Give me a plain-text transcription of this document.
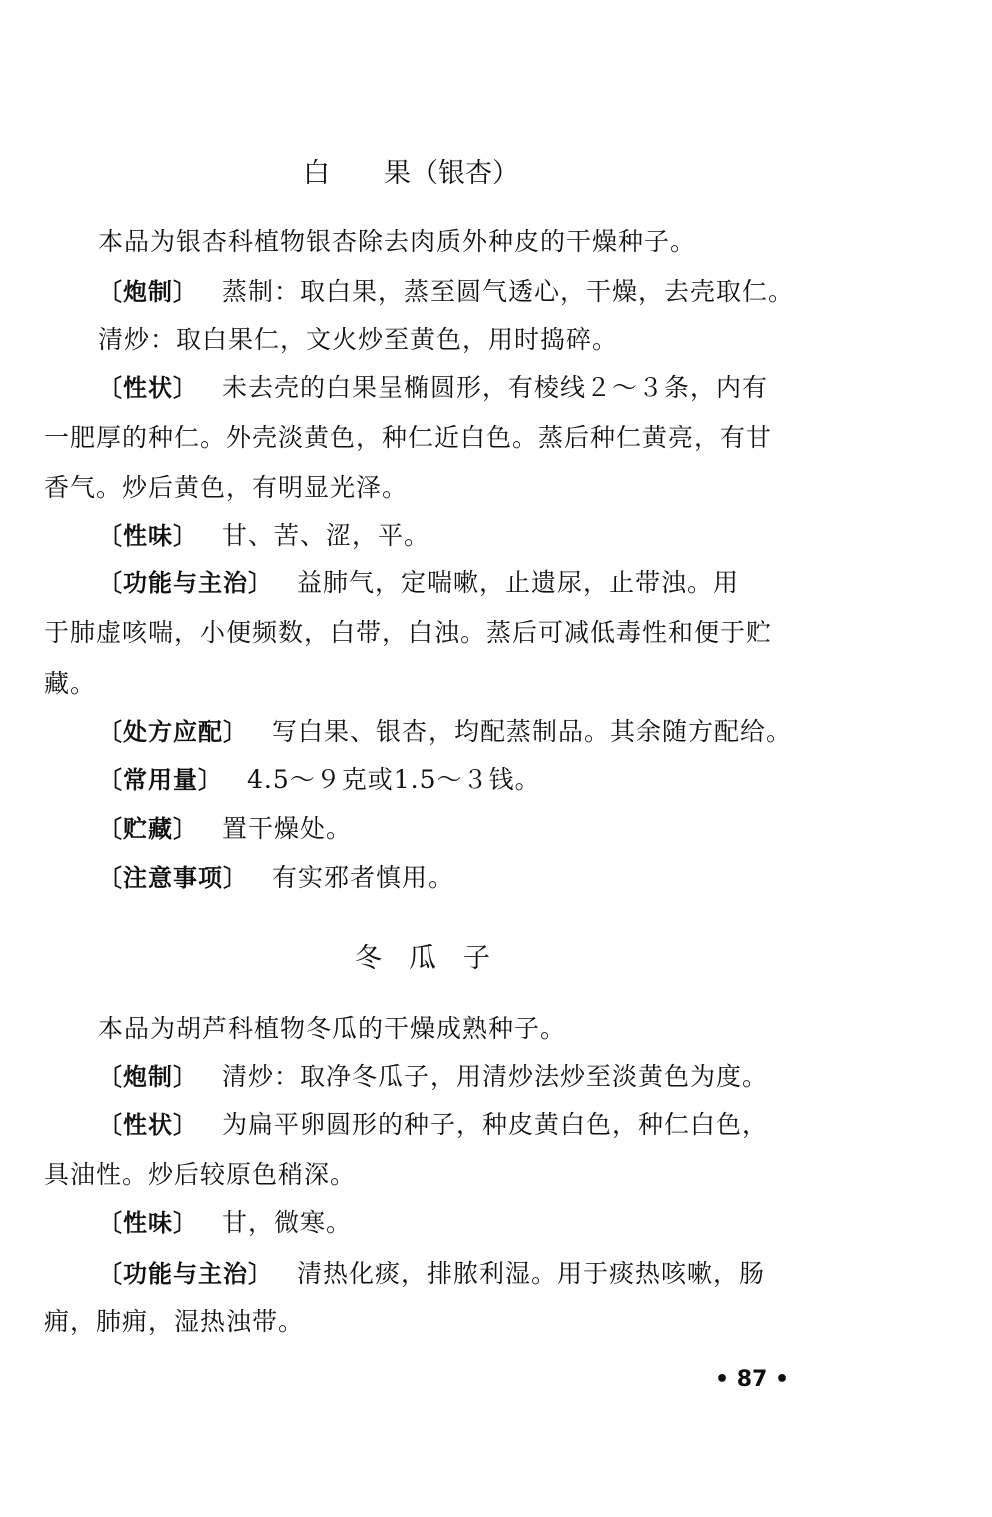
白　　果（银杏）
本品为银杏科植物银杏除去肉质外种皮的干燥种子。
〔炮制〕 蒸制：取白果，蒸至圆气透心，干燥，去壳取仁。
清炒：取白果仁，文火炒至黄色，用时捣碎。
〔性状〕 未去壳的白果呈椭圆形，有棱线２～３条，内有
一肥厚的种仁。外壳淡黄色，种仁近白色。蒸后种仁黄亮，有甘
香气。炒后黄色，有明显光泽。
〔性味〕 甘、苦、涩，平。
〔功能与主治〕 益肺气，定喘嗽，止遗尿，止带浊。用
于肺虚咳喘，小便频数，白带，白浊。蒸后可减低毒性和便于贮
藏。
〔处方应配〕 写白果、银杏，均配蒸制品。其余随方配给。
〔常用量〕 4.5～９克或1.5～３钱。
〔贮藏〕 置干燥处。
〔注意事项〕 有实邪者慎用。
冬　瓜　子
本品为胡芦科植物冬瓜的干燥成熟种子。
〔炮制〕 清炒：取净冬瓜子，用清炒法炒至淡黄色为度。
〔性状〕 为扁平卵圆形的种子，种皮黄白色，种仁白色，
具油性。炒后较原色稍深。
〔性味〕 甘，微寒。
〔功能与主治〕 清热化痰，排脓利湿。用于痰热咳嗽，肠
痈，肺痈，湿热浊带。
• 87 •
